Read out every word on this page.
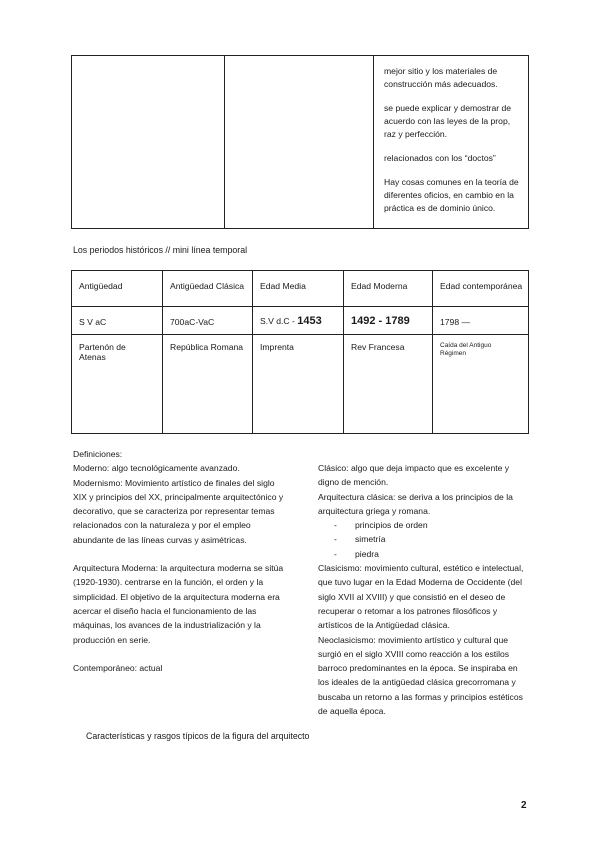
mejor sitio y los materiales de construcción más adecuados.

se puede explicar y demostrar de acuerdo con las leyes de la prop, raz y perfección.

relacionados con los “doctos”

Hay cosas comunes en la teoría de diferentes oficios, en cambio en la práctica es de dominio único.

Los periodos históricos // mini línea temporal
Antigüedad	Antigüedad Clásica	Edad Media	Edad Moderna	Edad contemporánea
S V aC	700aC-VaC	S.V d.C - 1453	1492 - 1789	1798 —
Partenón de Atenas	República Romana	Imprenta	Rev Francesa	Caída del Antiguo Régimen

Definiciones:

Moderno: algo tecnológicamente avanzado.

Modernismo: Movimiento artístico de finales del siglo XIX y principios del XX, principalmente arquitectónico y decorativo, que se caracteriza por representar temas relacionados con la naturaleza y por el empleo abundante de las líneas curvas y asimétricas.

Arquitectura Moderna: la arquitectura moderna se sitúa (1920-1930). centrarse en la función, el orden y la simplicidad. El objetivo de la arquitectura moderna era acercar el diseño hacia el funcionamiento de las máquinas, los avances de la industrialización y la producción en serie.

Contemporáneo: actual

Clásico: algo que deja impacto que es excelente y digno de mención.

Arquitectura clásica: se deriva a los principios de la arquitectura griega y romana.

- principios de orden
- simetría
- piedra

Clasicismo: movimiento cultural, estético e intelectual, que tuvo lugar en la Edad Moderna de Occidente (del siglo XVII al XVIII) y que consistió en el deseo de recuperar o retomar a los patrones filosóficos y artísticos de la Antigüedad clásica.

Neoclasicismo: movimiento artístico y cultural que surgió en el siglo XVIII como reacción a los estilos barroco predominantes en la época. Se inspiraba en los ideales de la antigüedad clásica grecorromana y buscaba un retorno a las formas y principios estéticos de aquella época.

Características y rasgos típicos de la figura del arquitecto
2
